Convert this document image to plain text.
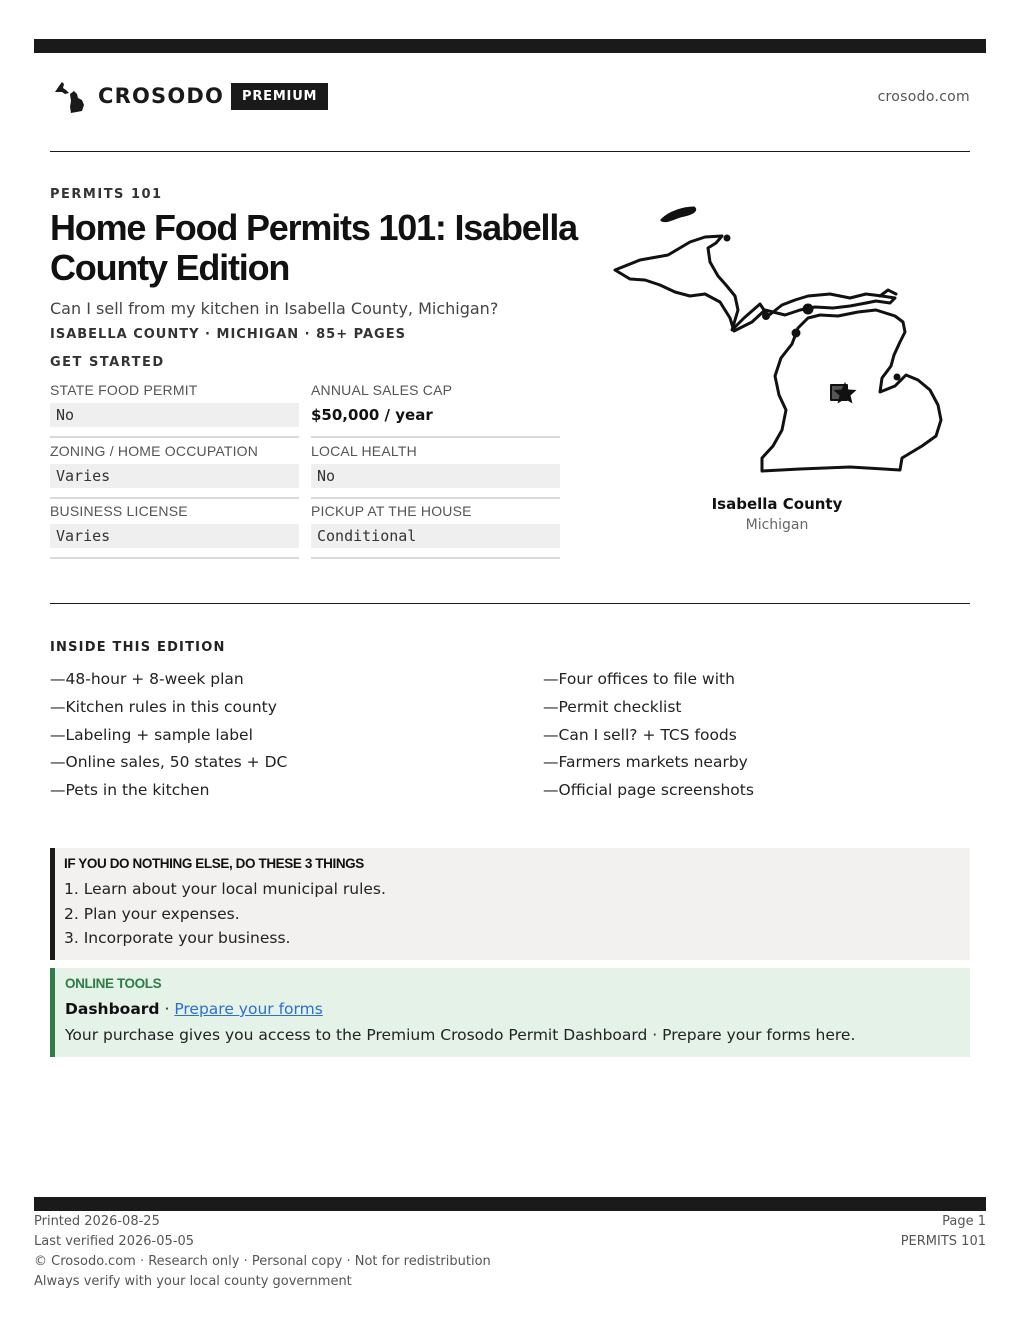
CROSODO	PREMIUM	crosodo.com
PERMITS 101
Home Food Permits 101: Isabella County Edition
Can I sell from my kitchen in Isabella County, Michigan?
ISABELLA COUNTY · MICHIGAN · 85+ PAGES
GET STARTED
STATE FOOD PERMIT
No
ANNUAL SALES CAP
$50,000 / year
ZONING / HOME OCCUPATION
Varies
LOCAL HEALTH
No
BUSINESS LICENSE
Varies
PICKUP AT THE HOUSE
Conditional
Isabella County
Michigan
INSIDE THIS EDITION
—48-hour + 8-week plan
—Kitchen rules in this county
—Labeling + sample label
—Online sales, 50 states + DC
—Pets in the kitchen
—Four offices to file with
—Permit checklist
—Can I sell? + TCS foods
—Farmers markets nearby
—Official page screenshots
IF YOU DO NOTHING ELSE, DO THESE 3 THINGS
1. Learn about your local municipal rules.
2. Plan your expenses.
3. Incorporate your business.
ONLINE TOOLS
Dashboard · Prepare your forms
Your purchase gives you access to the Premium Crosodo Permit Dashboard · Prepare your forms here.
Printed 2026-08-25
Last verified 2026-05-05
© Crosodo.com · Research only · Personal copy · Not for redistribution
Always verify with your local county government
Page 1
PERMITS 101
